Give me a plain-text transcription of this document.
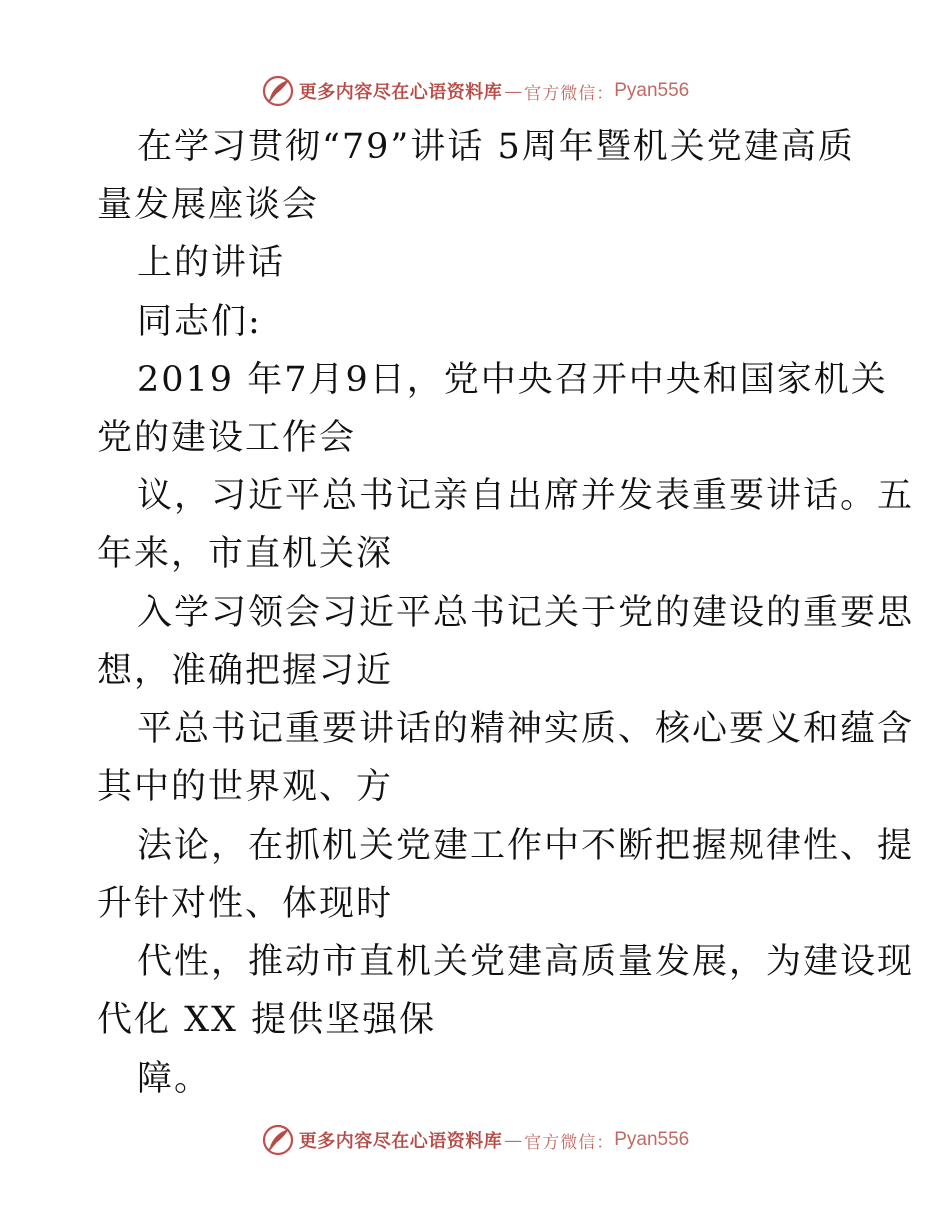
更多内容尽在心语资料库 — 官方微信： Pyan556
在学习贯彻“79”讲话 5周年暨机关党建高质
量发展座谈会
上的讲话
同志们:
2019 年7月9日，党中央召开中央和国家机关
党的建设工作会
议，习近平总书记亲自出席并发表重要讲话。五
年来，市直机关深
入学习领会习近平总书记关于党的建设的重要思
想，准确把握习近
平总书记重要讲话的精神实质、核心要义和蕴含
其中的世界观、方
法论，在抓机关党建工作中不断把握规律性、提
升针对性、体现时
代性，推动市直机关党建高质量发展，为建设现
代化 XX 提供坚强保
障。
更多内容尽在心语资料库 — 官方微信： Pyan556
